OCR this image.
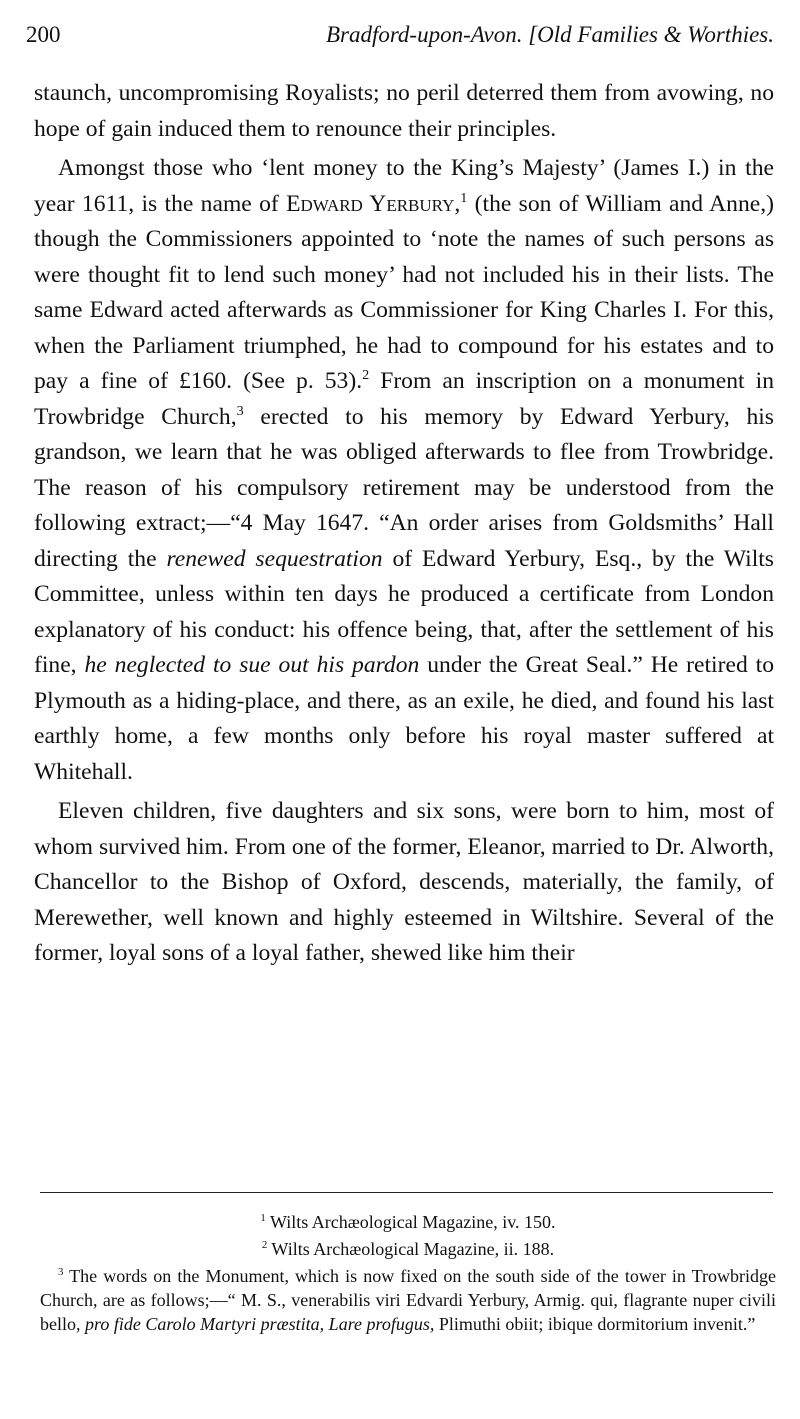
200	Bradford-upon-Avon. [Old Families & Worthies.

staunch, uncompromising Royalists; no peril deterred them from avowing, no hope of gain induced them to renounce their principles.

Amongst those who ‘lent money to the King’s Majesty’ (James I.) in the year 1611, is the name of Edward Yerbury,$^1$ (the son of William and Anne,) though the Commissioners appointed to ‘note the names of such persons as were thought fit to lend such money’ had not included his in their lists. The same Edward acted afterwards as Commissioner for King Charles I. For this, when the Parliament triumphed, he had to compound for his estates and to pay a fine of £160. (See p. 53).$^2$ From an inscription on a monument in Trowbridge Church,$^3$ erected to his memory by Edward Yerbury, his grandson, we learn that he was obliged afterwards to flee from Trowbridge. The reason of his compulsory retirement may be understood from the following extract;—“4 May 1647. “An order arises from Goldsmiths’ Hall directing the renewed sequestration of Edward Yerbury, Esq., by the Wilts Committee, unless within ten days he produced a certificate from London explanatory of his conduct: his offence being, that, after the settlement of his fine, he neglected to sue out his pardon under the Great Seal.” He retired to Plymouth as a hiding-place, and there, as an exile, he died, and found his last earthly home, a few months only before his royal master suffered at Whitehall.

Eleven children, five daughters and six sons, were born to him, most of whom survived him. From one of the former, Eleanor, married to Dr. Alworth, Chancellor to the Bishop of Oxford, descends, materially, the family, of Merewether, well known and highly esteemed in Wiltshire. Several of the former, loyal sons of a loyal father, shewed like him their

$^1$ Wilts Archæological Magazine, iv. 150.

$^2$ Wilts Archæological Magazine, ii. 188.

$^3$ The words on the Monument, which is now fixed on the south side of the tower in Trowbridge Church, are as follows;—“ M. S., venerabilis viri Edvardi Yerbury, Armig. qui, flagrante nuper civili bello, pro fide Carolo Martyri præstita, Lare profugus, Plimuthi obiit; ibique dormitorium invenit.”
